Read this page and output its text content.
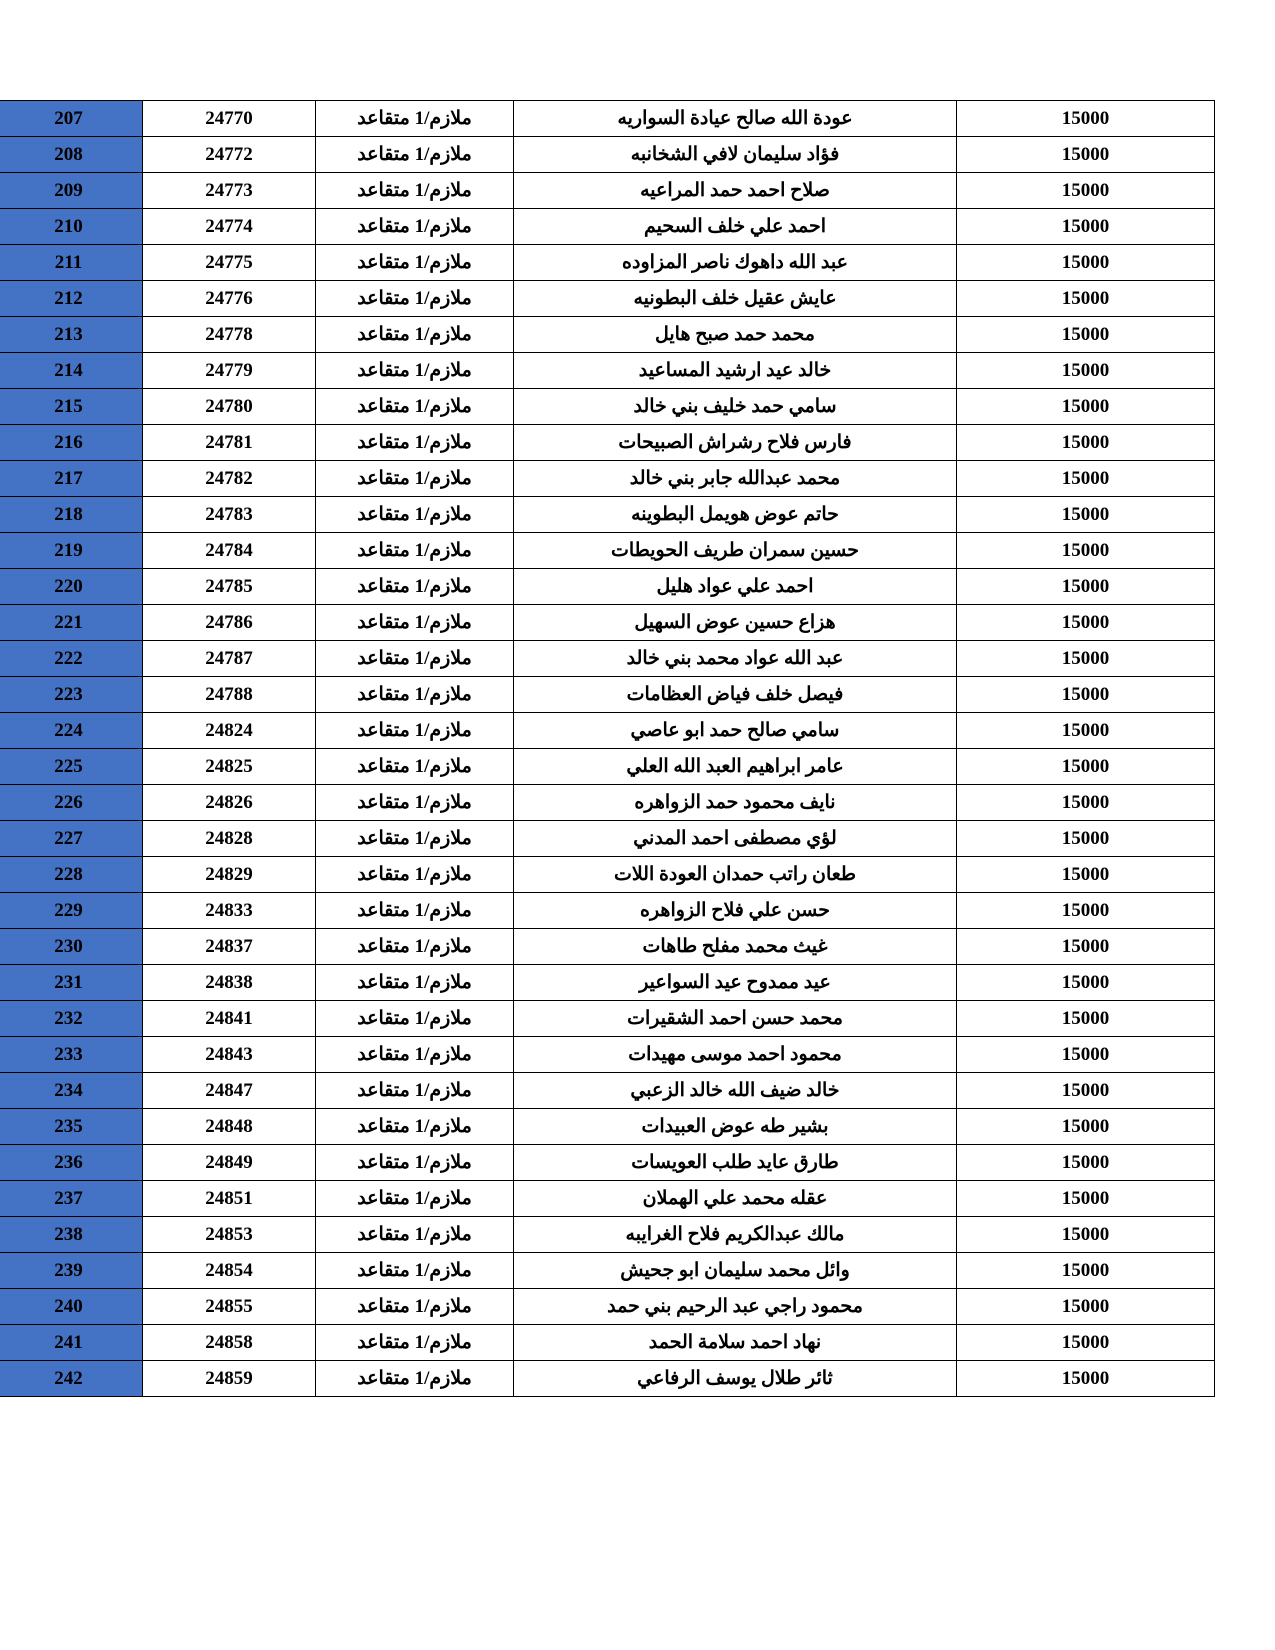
15000	عودة الله صالح عيادة السواريه	ملازم/1 متقاعد	24770	207
15000	فؤاد سليمان لافي الشخانبه	ملازم/1 متقاعد	24772	208
15000	صلاح احمد حمد المراعيه	ملازم/1 متقاعد	24773	209
15000	احمد علي خلف السحيم	ملازم/1 متقاعد	24774	210
15000	عبد الله داهوك ناصر المزاوده	ملازم/1 متقاعد	24775	211
15000	عايش عقيل خلف البطونيه	ملازم/1 متقاعد	24776	212
15000	محمد حمد صبح هايل	ملازم/1 متقاعد	24778	213
15000	خالد عيد ارشيد المساعيد	ملازم/1 متقاعد	24779	214
15000	سامي حمد خليف بني خالد	ملازم/1 متقاعد	24780	215
15000	فارس فلاح رشراش الصبيحات	ملازم/1 متقاعد	24781	216
15000	محمد عبدالله جابر بني خالد	ملازم/1 متقاعد	24782	217
15000	حاتم عوض هويمل البطوينه	ملازم/1 متقاعد	24783	218
15000	حسين سمران طريف الحويطات	ملازم/1 متقاعد	24784	219
15000	احمد علي عواد هليل	ملازم/1 متقاعد	24785	220
15000	هزاع حسين عوض السهيل	ملازم/1 متقاعد	24786	221
15000	عبد الله عواد محمد بني خالد	ملازم/1 متقاعد	24787	222
15000	فيصل خلف فياض العظامات	ملازم/1 متقاعد	24788	223
15000	سامي صالح حمد ابو عاصي	ملازم/1 متقاعد	24824	224
15000	عامر ابراهيم العبد الله العلي	ملازم/1 متقاعد	24825	225
15000	نايف محمود حمد الزواهره	ملازم/1 متقاعد	24826	226
15000	لؤي مصطفى احمد المدني	ملازم/1 متقاعد	24828	227
15000	طعان راتب حمدان العودة اللات	ملازم/1 متقاعد	24829	228
15000	حسن علي فلاح الزواهره	ملازم/1 متقاعد	24833	229
15000	غيث محمد مفلح طاهات	ملازم/1 متقاعد	24837	230
15000	عيد ممدوح عيد السواعير	ملازم/1 متقاعد	24838	231
15000	محمد حسن احمد الشقيرات	ملازم/1 متقاعد	24841	232
15000	محمود احمد موسى مهيدات	ملازم/1 متقاعد	24843	233
15000	خالد ضيف الله خالد الزعبي	ملازم/1 متقاعد	24847	234
15000	بشير طه عوض العبيدات	ملازم/1 متقاعد	24848	235
15000	طارق عايد طلب العويسات	ملازم/1 متقاعد	24849	236
15000	عقله محمد علي الهملان	ملازم/1 متقاعد	24851	237
15000	مالك عبدالكريم فلاح الغرايبه	ملازم/1 متقاعد	24853	238
15000	وائل محمد سليمان ابو جحيش	ملازم/1 متقاعد	24854	239
15000	محمود راجي عبد الرحيم بني حمد	ملازم/1 متقاعد	24855	240
15000	نهاد احمد سلامة الحمد	ملازم/1 متقاعد	24858	241
15000	ثائر طلال يوسف الرفاعي	ملازم/1 متقاعد	24859	242
